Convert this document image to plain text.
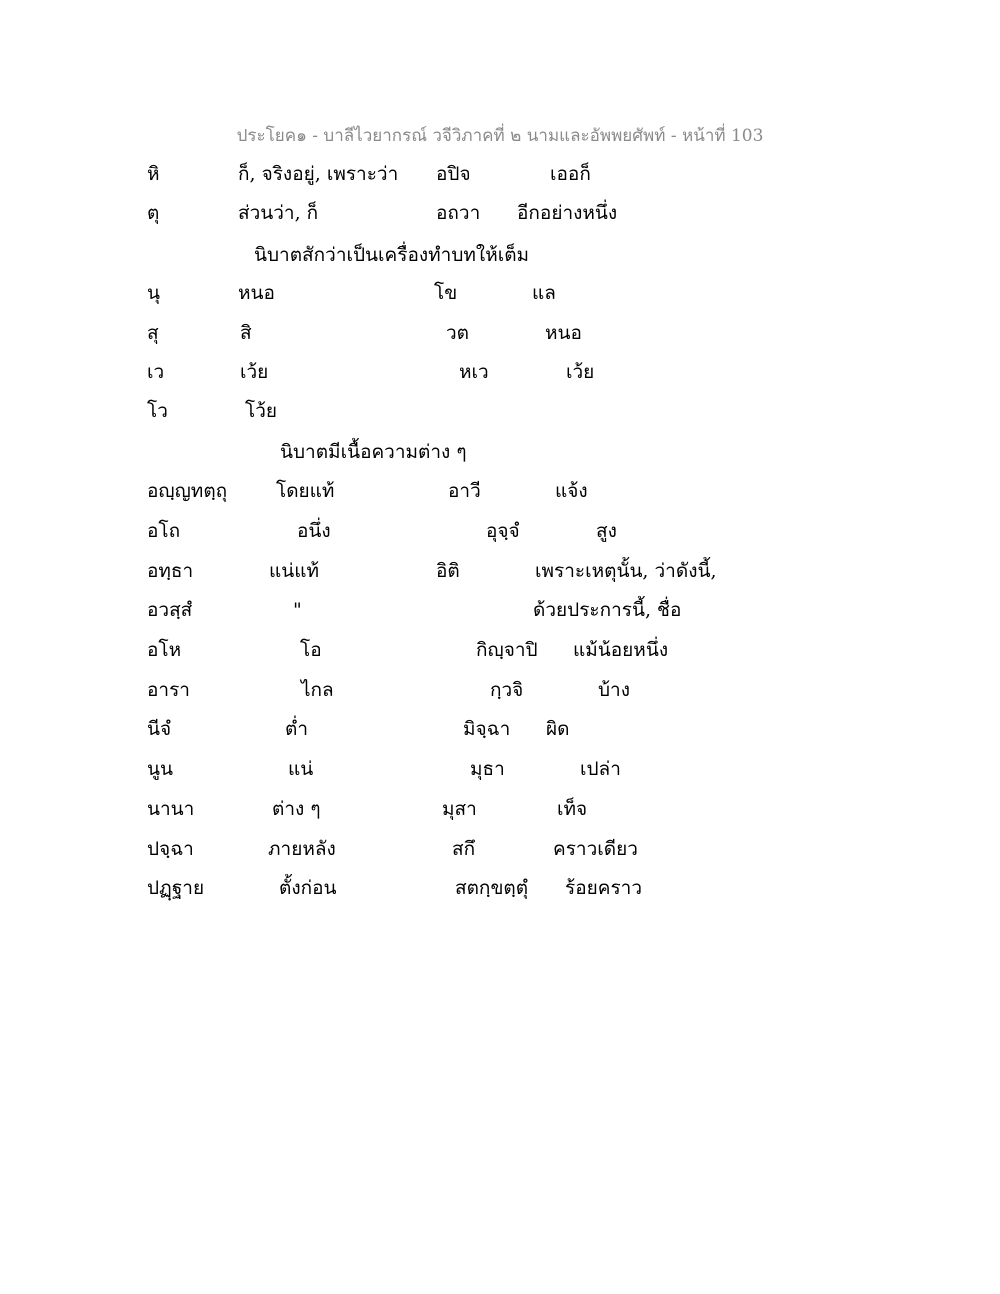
ประโยค๑ - บาลีไวยากรณ์ วจีวิภาคที่ ๒ นามและอัพพยศัพท์ - หน้าที่ 103
หิ	ก็, จริงอยู่, เพราะว่า อปิจ	เออก็
ตุ	ส่วนว่า, ก็	อถวา อีกอย่างหนึ่ง
นิบาตสักว่าเป็นเครื่องทำบทให้เต็ม
นุ	หนอ	โข	แล
สุ	สิ	วต	หนอ
เว	เว้ย	หเว	เว้ย
โว	โว้ย
นิบาตมีเนื้อความต่าง ๆ
อญฺญทตฺถุ	โดยแท้	อาวี	แจ้ง
อโถ	อนึ่ง	อุจฺจํ	สูง
อทฺธา	แน่แท้	อิติ	เพราะเหตุนั้น, ว่าดังนี้,
อวสฺสํ	"	ด้วยประการนี้, ชื่อ
อโห	โอ	กิญฺจาปิ แม้น้อยหนึ่ง
อารา	ไกล	กฺวจิ	บ้าง
นีจํ	ต่ำ	มิจฺฉา ผิด
นูน	แน่	มุธา	เปล่า
นานา	ต่าง ๆ	มุสา	เท็จ
ปจฺฉา	ภายหลัง	สกึ	คราวเดียว
ปฏฺฐาย	ตั้งก่อน	สตกฺขตฺตุํ ร้อยคราว
